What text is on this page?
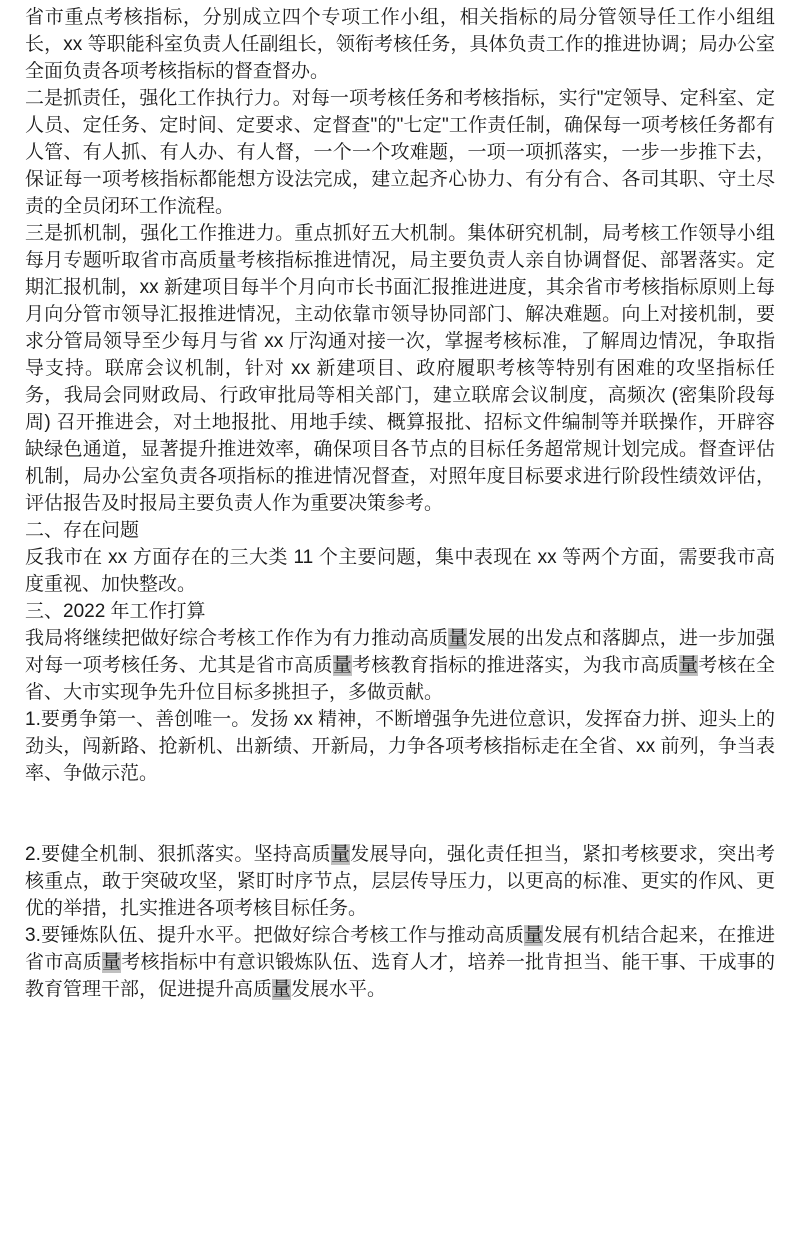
省市重点考核指标，分别成立四个专项工作小组，相关指标的局分管领导任工作小组组长，xx 等职能科室负责人任副组长，领衔考核任务，具体负责工作的推进协调；局办公室全面负责各项考核指标的督查督办。

二是抓责任，强化工作执行力。对每一项考核任务和考核指标，实行"定领导、定科室、定人员、定任务、定时间、定要求、定督查"的"七定"工作责任制，确保每一项考核任务都有人管、有人抓、有人办、有人督，一个一个攻难题，一项一项抓落实，一步一步推下去，保证每一项考核指标都能想方设法完成，建立起齐心协力、有分有合、各司其职、守土尽责的全员闭环工作流程。

三是抓机制，强化工作推进力。重点抓好五大机制。集体研究机制，局考核工作领导小组每月专题听取省市高质量考核指标推进情况，局主要负责人亲自协调督促、部署落实。定期汇报机制，xx 新建项目每半个月向市长书面汇报推进进度，其余省市考核指标原则上每月向分管市领导汇报推进情况，主动依靠市领导协同部门、解决难题。向上对接机制，要求分管局领导至少每月与省 xx 厅沟通对接一次，掌握考核标准，了解周边情况，争取指导支持。联席会议机制，针对 xx 新建项目、政府履职考核等特别有困难的攻坚指标任务，我局会同财政局、行政审批局等相关部门，建立联席会议制度，高频次 (密集阶段每周) 召开推进会，对土地报批、用地手续、概算报批、招标文件编制等并联操作，开辟容缺绿色通道，显著提升推进效率，确保项目各节点的目标任务超常规计划完成。督查评估机制，局办公室负责各项指标的推进情况督查，对照年度目标要求进行阶段性绩效评估，评估报告及时报局主要负责人作为重要决策参考。

二、存在问题

反我市在 xx 方面存在的三大类 11 个主要问题，集中表现在 xx 等两个方面，需要我市高度重视、加快整改。

三、2022 年工作打算

我局将继续把做好综合考核工作作为有力推动高质量发展的出发点和落脚点，进一步加强对每一项考核任务、尤其是省市高质量考核教育指标的推进落实，为我市高质量考核在全省、大市实现争先升位目标多挑担子，多做贡献。

1.要勇争第一、善创唯一。发扬 xx 精神，不断增强争先进位意识，发挥奋力拼、迎头上的劲头，闯新路、抢新机、出新绩、开新局，力争各项考核指标走在全省、xx 前列，争当表率、争做示范。

2.要健全机制、狠抓落实。坚持高质量发展导向，强化责任担当，紧扣考核要求，突出考核重点，敢于突破攻坚，紧盯时序节点，层层传导压力，以更高的标准、更实的作风、更优的举措，扎实推进各项考核目标任务。

3.要锤炼队伍、提升水平。把做好综合考核工作与推动高质量发展有机结合起来，在推进省市高质量考核指标中有意识锻炼队伍、选育人才，培养一批肯担当、能干事、干成事的教育管理干部，促进提升高质量发展水平。
